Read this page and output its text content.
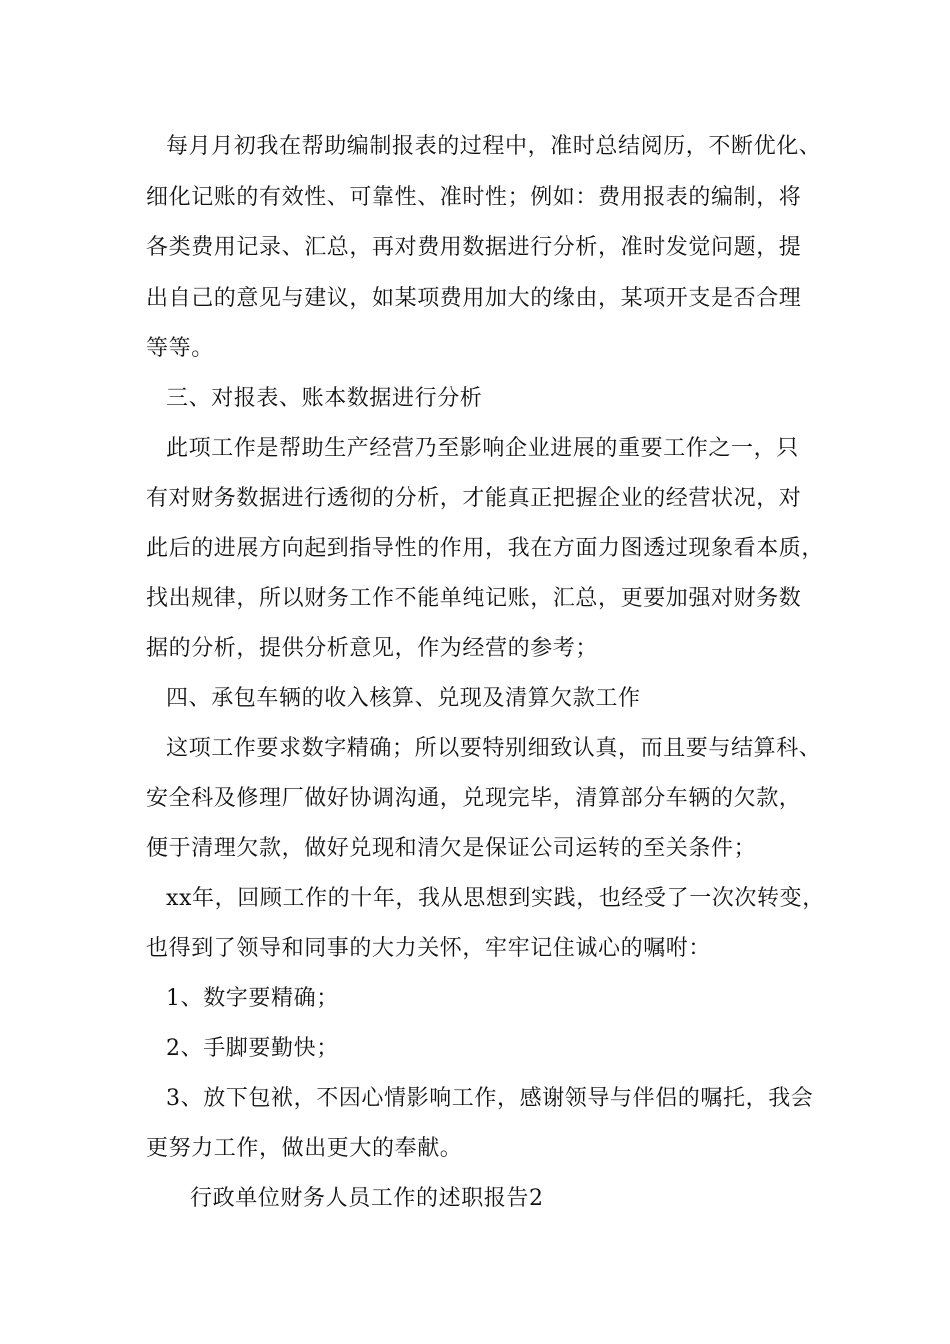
每月月初我在帮助编制报表的过程中，准时总结阅历，不断优化、
细化记账的有效性、可靠性、准时性；例如：费用报表的编制，将
各类费用记录、汇总，再对费用数据进行分析，准时发觉问题，提
出自己的意见与建议，如某项费用加大的缘由，某项开支是否合理
等等。
三、对报表、账本数据进行分析
此项工作是帮助生产经营乃至影响企业进展的重要工作之一，只
有对财务数据进行透彻的分析，才能真正把握企业的经营状况，对
此后的进展方向起到指导性的作用，我在方面力图透过现象看本质，
找出规律，所以财务工作不能单纯记账，汇总，更要加强对财务数
据的分析，提供分析意见，作为经营的参考；
四、承包车辆的收入核算、兑现及清算欠款工作
这项工作要求数字精确；所以要特别细致认真，而且要与结算科、
安全科及修理厂做好协调沟通，兑现完毕，清算部分车辆的欠款，
便于清理欠款，做好兑现和清欠是保证公司运转的至关条件；
xx年，回顾工作的十年，我从思想到实践，也经受了一次次转变，
也得到了领导和同事的大力关怀，牢牢记住诚心的嘱咐：
1、数字要精确；
2、手脚要勤快；
3、放下包袱，不因心情影响工作，感谢领导与伴侣的嘱托，我会
更努力工作，做出更大的奉献。
行政单位财务人员工作的述职报告2
